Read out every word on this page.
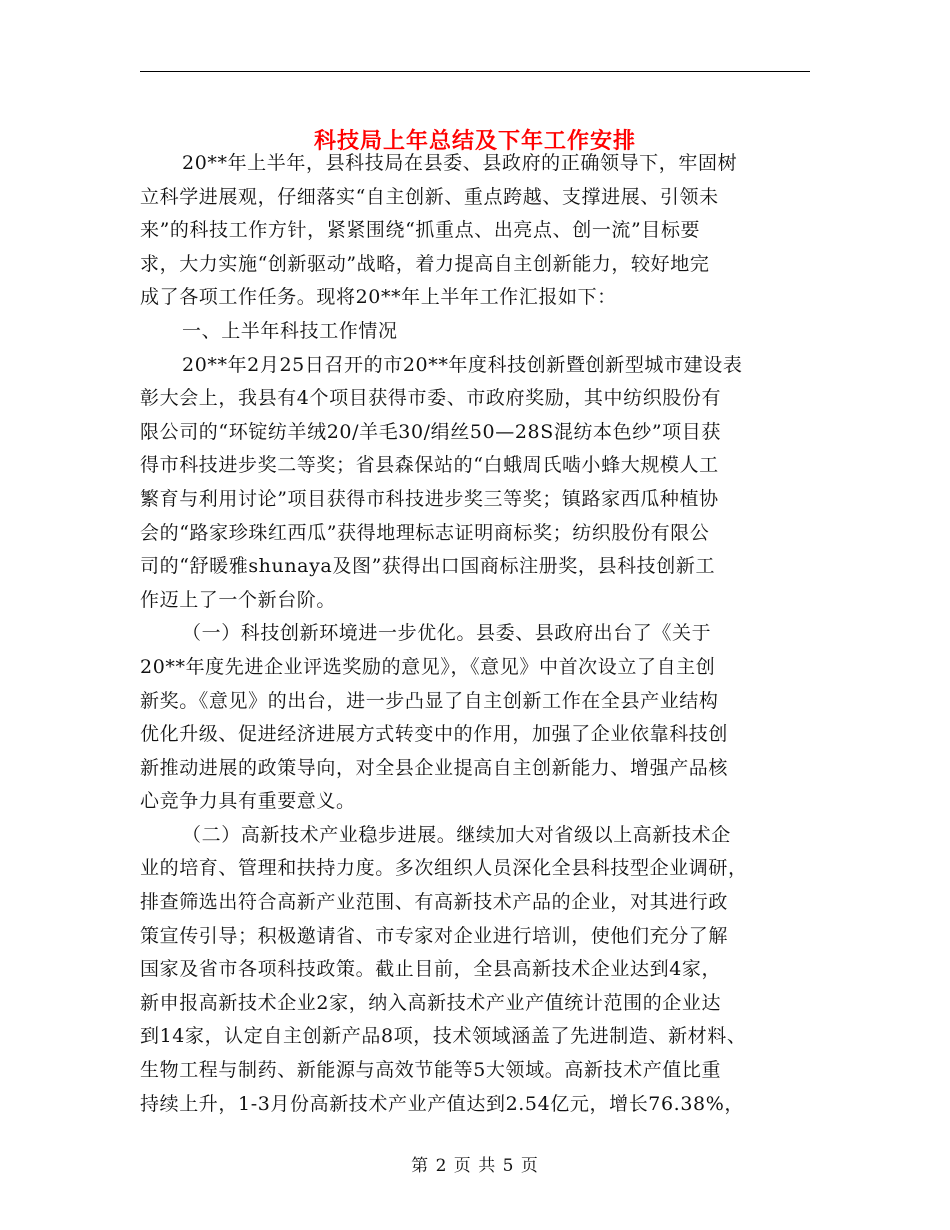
科技局上年总结及下年工作安排

20**年上半年，县科技局在县委、县政府的正确领导下，牢固树
立科学进展观，仔细落实“自主创新、重点跨越、支撑进展、引领未
来”的科技工作方针，紧紧围绕“抓重点、出亮点、创一流”目标要
求，大力实施“创新驱动”战略，着力提高自主创新能力，较好地完
成了各项工作任务。现将20**年上半年工作汇报如下：

一、上半年科技工作情况

20**年2月25日召开的市20**年度科技创新暨创新型城市建设表
彰大会上，我县有4个项目获得市委、市政府奖励，其中纺织股份有
限公司的“环锭纺羊绒20/羊毛30/绢丝50—28S混纺本色纱”项目获
得市科技进步奖二等奖；省县森保站的“白蛾周氏啮小蜂大规模人工
繁育与利用讨论”项目获得市科技进步奖三等奖；镇路家西瓜种植协
会的“路家珍珠红西瓜”获得地理标志证明商标奖；纺织股份有限公
司的“舒暖雅shunaya及图”获得出口国商标注册奖，县科技创新工
作迈上了一个新台阶。

（一）科技创新环境进一步优化。县委、县政府出台了《关于
20**年度先进企业评选奖励的意见》，《意见》中首次设立了自主创
新奖。《意见》的出台，进一步凸显了自主创新工作在全县产业结构
优化升级、促进经济进展方式转变中的作用，加强了企业依靠科技创
新推动进展的政策导向，对全县企业提高自主创新能力、增强产品核
心竞争力具有重要意义。

（二）高新技术产业稳步进展。继续加大对省级以上高新技术企
业的培育、管理和扶持力度。多次组织人员深化全县科技型企业调研，
排查筛选出符合高新产业范围、有高新技术产品的企业，对其进行政
策宣传引导；积极邀请省、市专家对企业进行培训，使他们充分了解
国家及省市各项科技政策。截止目前，全县高新技术企业达到4家，
新申报高新技术企业2家，纳入高新技术产业产值统计范围的企业达
到14家，认定自主创新产品8项，技术领域涵盖了先进制造、新材料、
生物工程与制药、新能源与高效节能等5大领域。高新技术产值比重
持续上升，1-3月份高新技术产业产值达到2.54亿元，增长76.38%，

第 2 页 共 5 页
